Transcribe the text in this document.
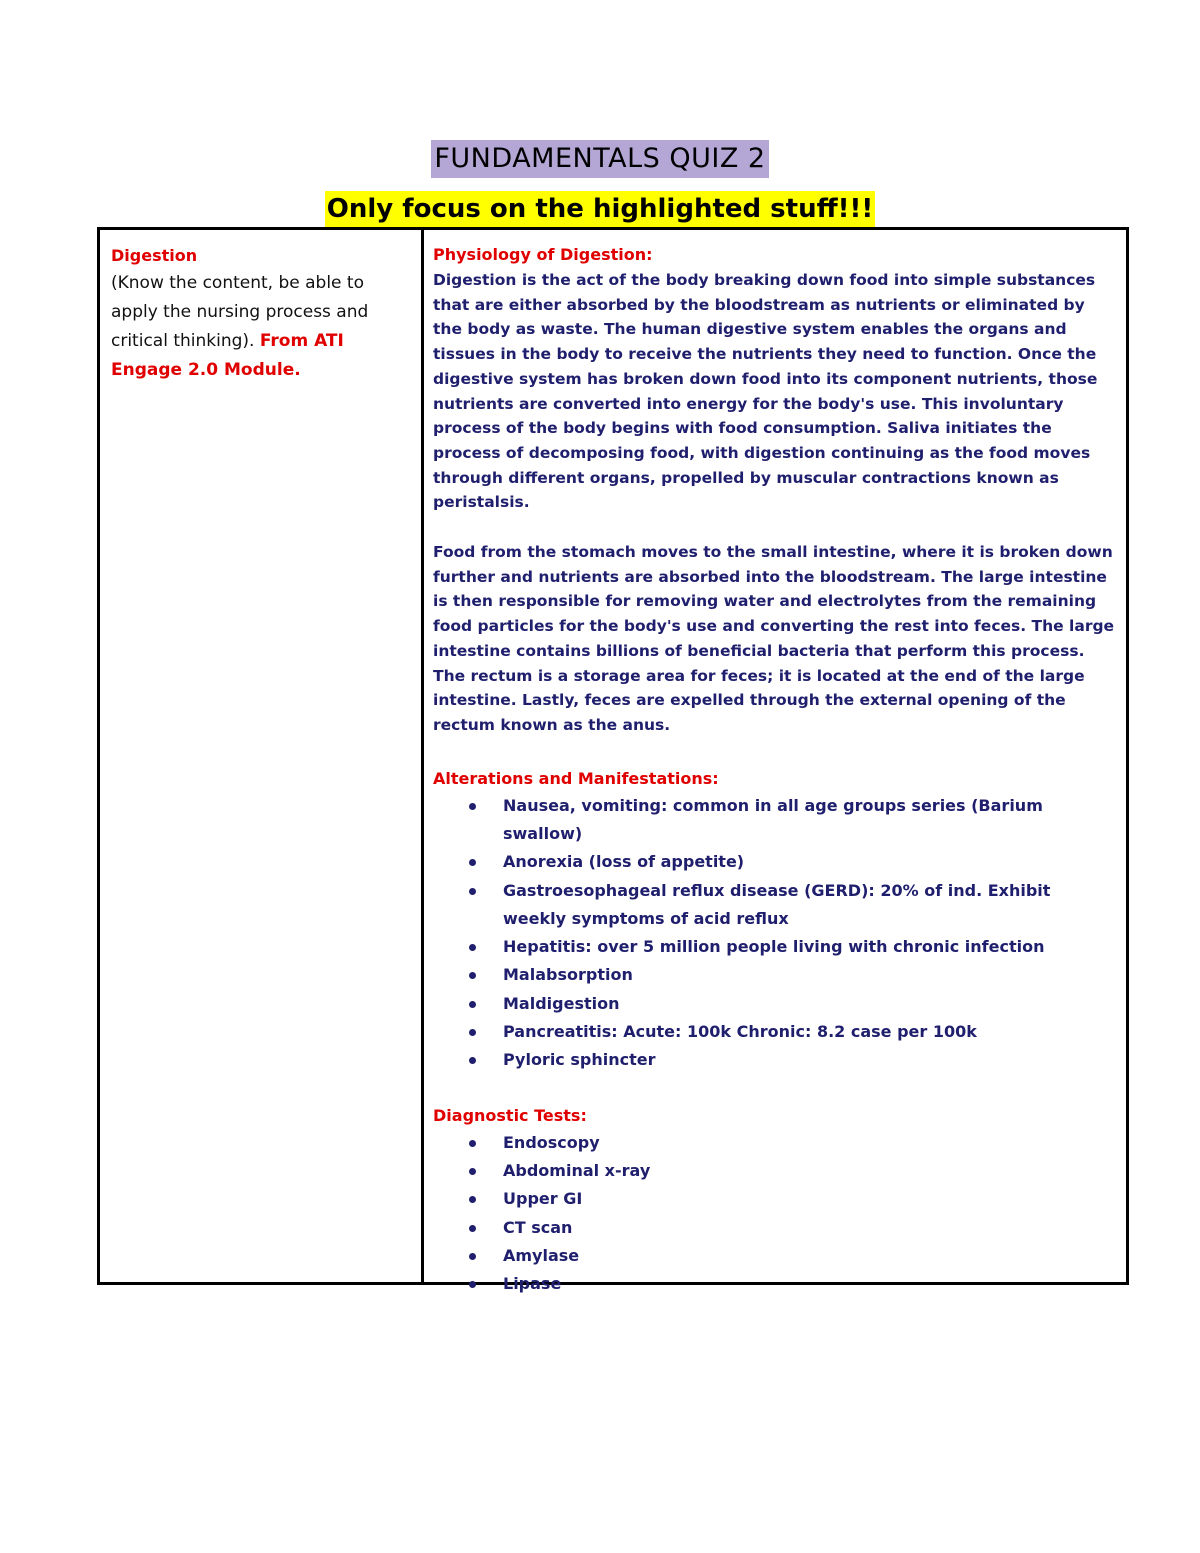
FUNDAMENTALS QUIZ 2
Only focus on the highlighted stuff!!!
Digestion
(Know the content, be able to apply the nursing process and critical thinking). From ATI Engage 2.0 Module.
Physiology of Digestion:

Digestion is the act of the body breaking down food into simple substances that are either absorbed by the bloodstream as nutrients or eliminated by the body as waste. The human digestive system enables the organs and tissues in the body to receive the nutrients they need to function. Once the digestive system has broken down food into its component nutrients, those nutrients are converted into energy for the body's use. This involuntary process of the body begins with food consumption. Saliva initiates the process of decomposing food, with digestion continuing as the food moves through different organs, propelled by muscular contractions known as peristalsis.

Food from the stomach moves to the small intestine, where it is broken down further and nutrients are absorbed into the bloodstream. The large intestine is then responsible for removing water and electrolytes from the remaining food particles for the body's use and converting the rest into feces. The large intestine contains billions of beneficial bacteria that perform this process. The rectum is a storage area for feces; it is located at the end of the large intestine. Lastly, feces are expelled through the external opening of the rectum known as the anus.

Alterations and Manifestations:
Nausea, vomiting: common in all age groups series (Barium swallow)
Anorexia (loss of appetite)
Gastroesophageal reflux disease (GERD): 20% of ind. Exhibit weekly symptoms of acid reflux
Hepatitis: over 5 million people living with chronic infection
Malabsorption
Maldigestion
Pancreatitis: Acute: 100k Chronic: 8.2 case per 100k
Pyloric sphincter
Diagnostic Tests:
Endoscopy
Abdominal x-ray
Upper GI
CT scan
Amylase
Lipase
